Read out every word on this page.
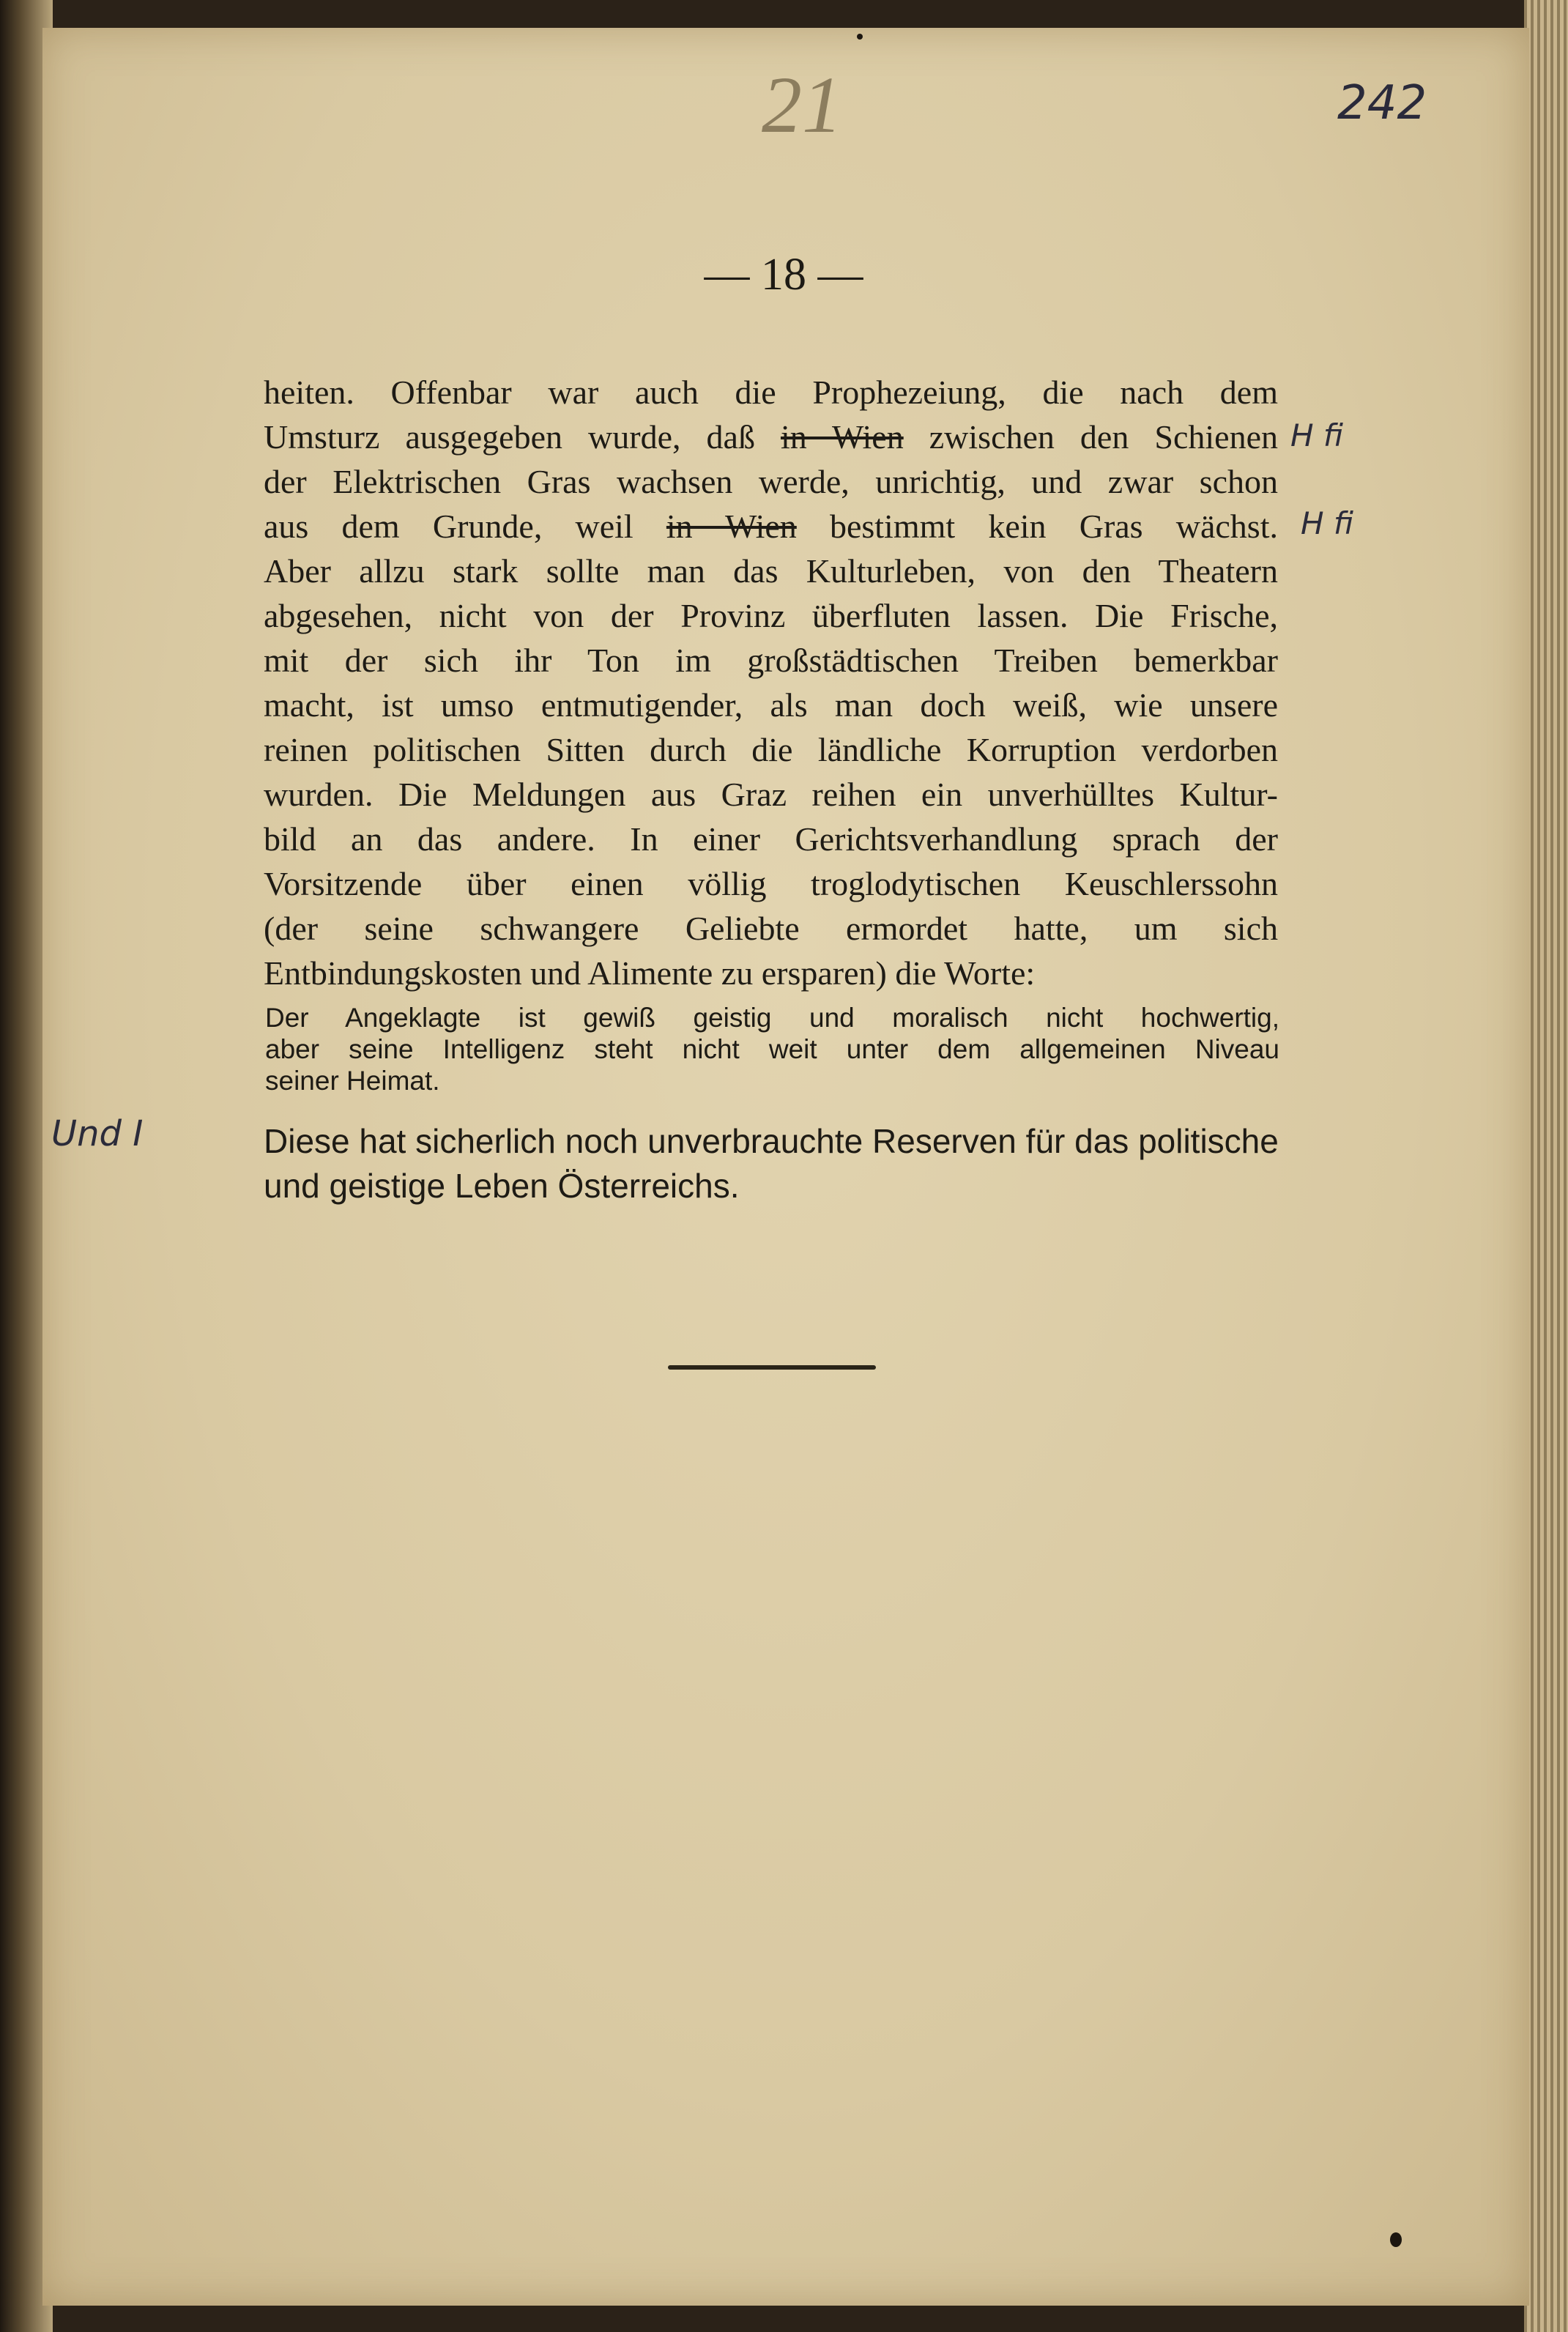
21	242
— 18 —
heiten. Offenbar war auch die Prophezeiung, die nach dem
Umsturz ausgegeben wurde, daß in Wien zwischen den Schienen
der Elektrischen Gras wachsen werde, unrichtig, und zwar schon
aus dem Grunde, weil in Wien bestimmt kein Gras wächst.
Aber allzu stark sollte man das Kulturleben, von den Theatern
abgesehen, nicht von der Provinz überfluten lassen. Die Frische,
mit der sich ihr Ton im großstädtischen Treiben bemerkbar
macht, ist umso entmutigender, als man doch weiß, wie unsere
reinen politischen Sitten durch die ländliche Korruption verdorben
wurden. Die Meldungen aus Graz reihen ein unverhülltes Kultur-
bild an das andere. In einer Gerichtsverhandlung sprach der
Vorsitzende über einen völlig troglodytischen Keuschlerssohn
(der seine schwangere Geliebte ermordet hatte, um sich
Entbindungskosten und Alimente zu ersparen) die Worte:
Der Angeklagte ist gewiß geistig und moralisch nicht hochwertig,
aber seine Intelligenz steht nicht weit unter dem allgemeinen Niveau
seiner Heimat.
Diese hat sicherlich noch unverbrauchte Reserven für das politische
und geistige Leben Österreichs.
H fi
H fi
Und I
